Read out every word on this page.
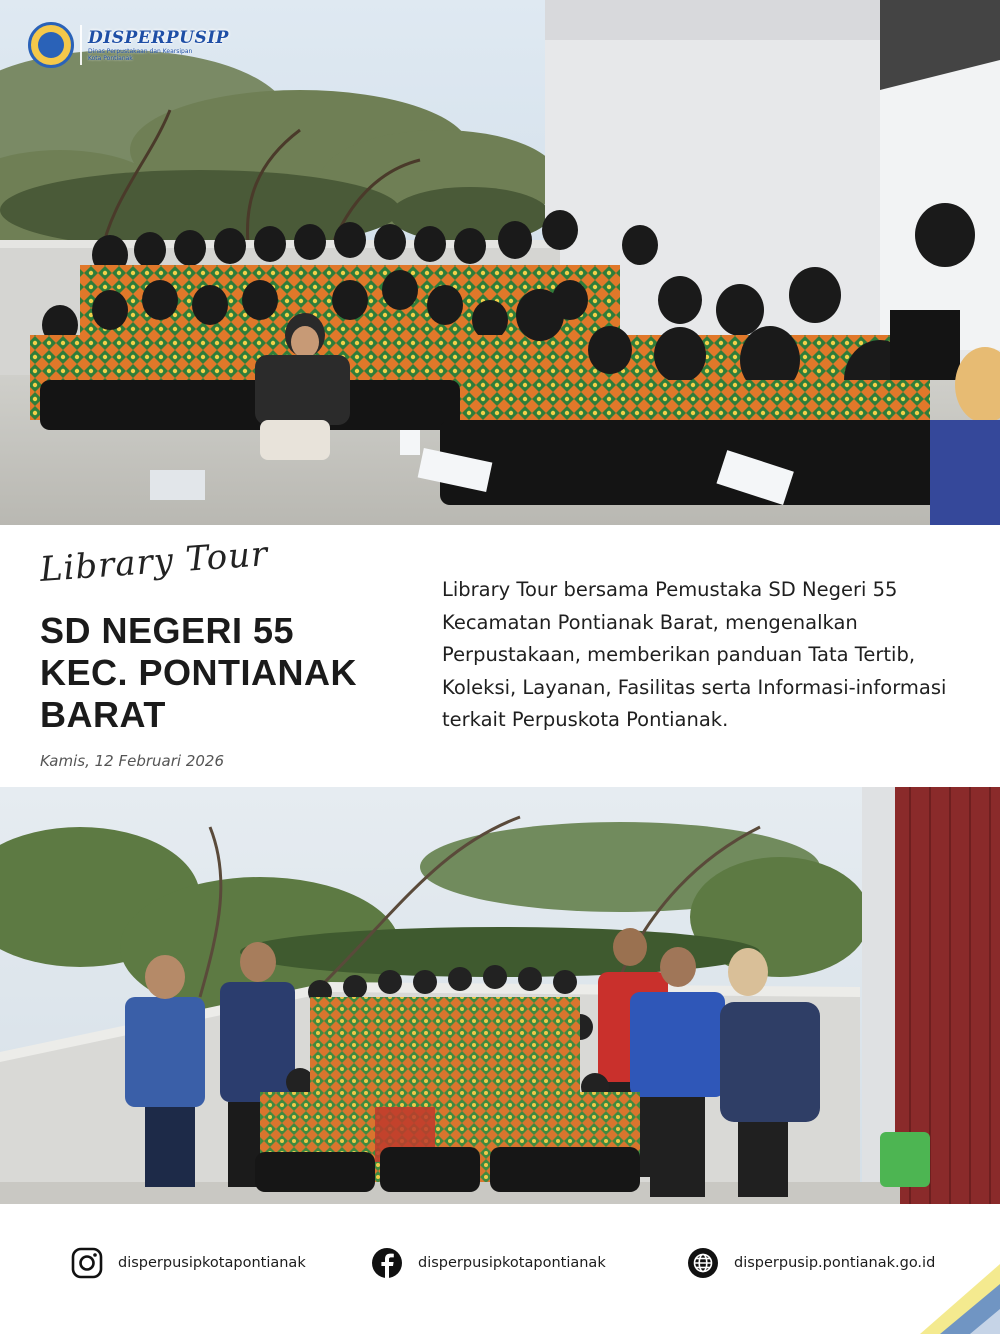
DISPERPUSIP
Dinas Perpustakaan dan Kearsipan Kota Pontianak
Library Tour
SD NEGERI 55
KEC. PONTIANAK
BARAT
Kamis, 12 Februari 2026

Library Tour bersama Pemustaka SD Negeri 55 Kecamatan Pontianak Barat, mengenalkan Perpustakaan, memberikan panduan Tata Tertib, Koleksi, Layanan, Fasilitas serta Informasi-informasi terkait Perpuskota Pontianak.

disperpusipkotapontianak	disperpusipkotapontianak	disperpusip.pontianak.go.id
